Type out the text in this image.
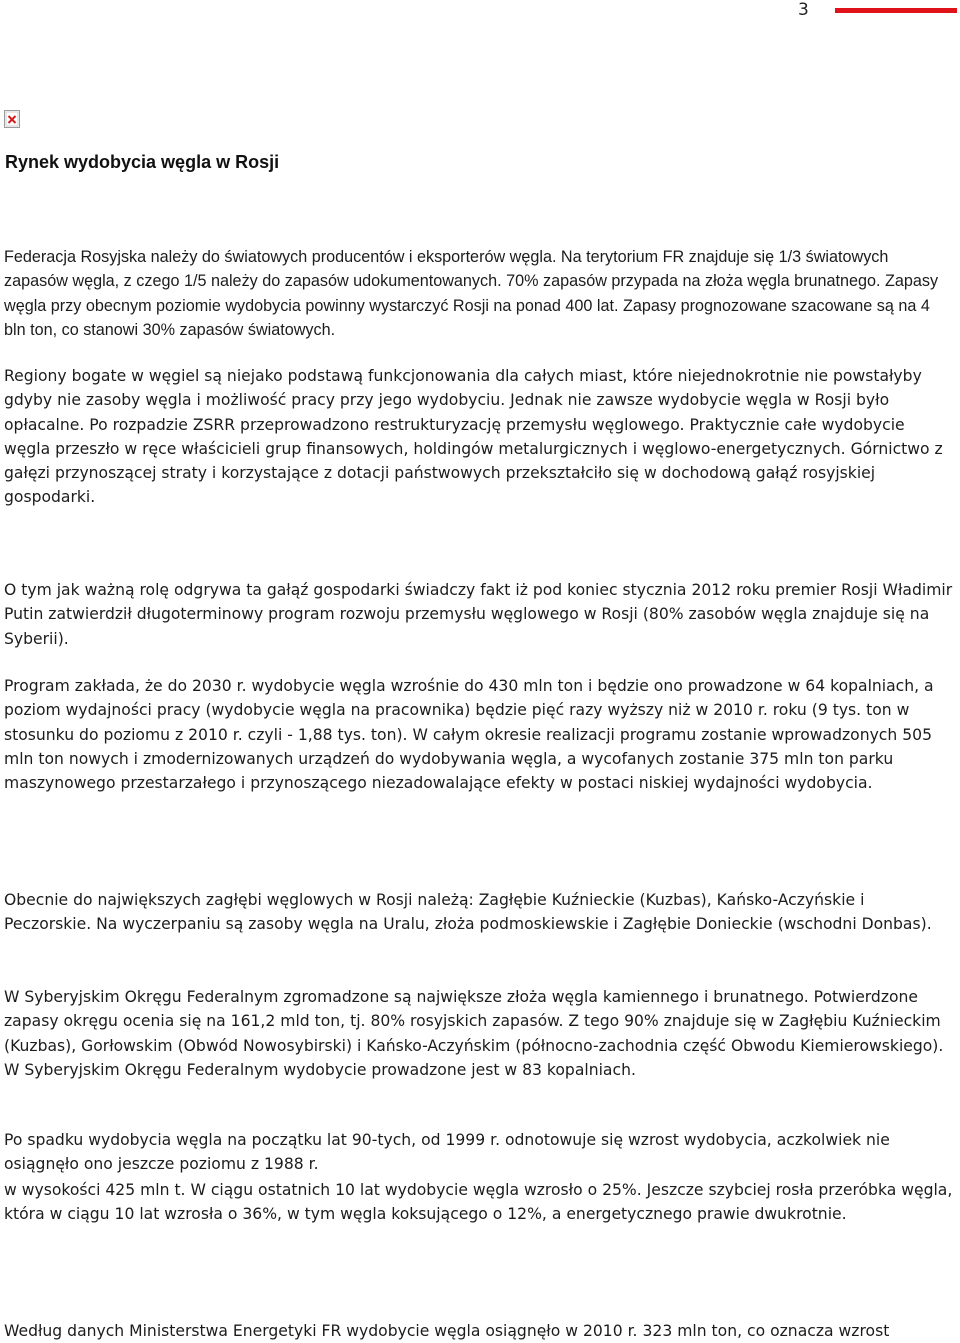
3
Rynek wydobycia węgla w Rosji

Federacja Rosyjska należy do światowych producentów i eksporterów węgla. Na terytorium FR znajduje się 1/3 światowych zapasów węgla, z czego 1/5 należy do zapasów udokumentowanych. 70% zapasów przypada na złoża węgla brunatnego. Zapasy węgla przy obecnym poziomie wydobycia powinny wystarczyć Rosji na ponad 400 lat. Zapasy prognozowane szacowane są na 4 bln ton, co stanowi 30% zapasów światowych.

Regiony bogate w węgiel są niejako podstawą funkcjonowania dla całych miast, które niejednokrotnie nie powstałyby gdyby nie zasoby węgla i możliwość pracy przy jego wydobyciu. Jednak nie zawsze wydobycie węgla w Rosji było opłacalne. Po rozpadzie ZSRR przeprowadzono restrukturyzację przemysłu węglowego. Praktycznie całe wydobycie węgla przeszło w ręce właścicieli grup finansowych, holdingów metalurgicznych i węglowo-energetycznych. Górnictwo z gałęzi przynoszącej straty i korzystające z dotacji państwowych przekształciło się w dochodową gałąź rosyjskiej gospodarki.

O tym jak ważną rolę odgrywa ta gałąź gospodarki świadczy fakt iż pod koniec stycznia 2012 roku premier Rosji Władimir Putin zatwierdził długoterminowy program rozwoju przemysłu węglowego w Rosji (80% zasobów węgla znajduje się na Syberii).

Program zakłada, że do 2030 r. wydobycie węgla wzrośnie do 430 mln ton i będzie ono prowadzone w 64 kopalniach, a poziom wydajności pracy (wydobycie węgla na pracownika) będzie pięć razy wyższy niż w 2010 r. roku (9 tys. ton w stosunku do poziomu z 2010 r. czyli - 1,88 tys. ton). W całym okresie realizacji programu zostanie wprowadzonych 505 mln ton nowych i zmodernizowanych urządzeń do wydobywania węgla, a wycofanych zostanie 375 mln ton parku maszynowego przestarzałego i przynoszącego niezadowalające efekty w postaci niskiej wydajności wydobycia.

Obecnie do największych zagłębi węglowych w Rosji należą: Zagłębie Kuźnieckie (Kuzbas), Kańsko-Aczyńskie i Peczorskie. Na wyczerpaniu są zasoby węgla na Uralu, złoża podmoskiewskie i Zagłębie Donieckie (wschodni Donbas).

W Syberyjskim Okręgu Federalnym zgromadzone są największe złoża węgla kamiennego i brunatnego. Potwierdzone zapasy okręgu ocenia się na 161,2 mld ton, tj. 80% rosyjskich zapasów. Z tego 90% znajduje się w Zagłębiu Kuźnieckim (Kuzbas), Gorłowskim (Obwód Nowosybirski) i Kańsko-Aczyńskim (północno-zachodnia część Obwodu Kiemierowskiego). W Syberyjskim Okręgu Federalnym wydobycie prowadzone jest w 83 kopalniach.

Po spadku wydobycia węgla na początku lat 90-tych, od 1999 r. odnotowuje się wzrost wydobycia, aczkolwiek nie osiągnęło ono jeszcze poziomu z 1988 r.

w wysokości 425 mln t. W ciągu ostatnich 10 lat wydobycie węgla wzrosło o 25%. Jeszcze szybciej rosła przeróbka węgla, która w ciągu 10 lat wzrosła o 36%, w tym węgla koksującego o 12%, a energetycznego prawie dwukrotnie.

Według danych Ministerstwa Energetyki FR wydobycie węgla osiągnęło w 2010 r. 323 mln ton, co oznacza wzrost
